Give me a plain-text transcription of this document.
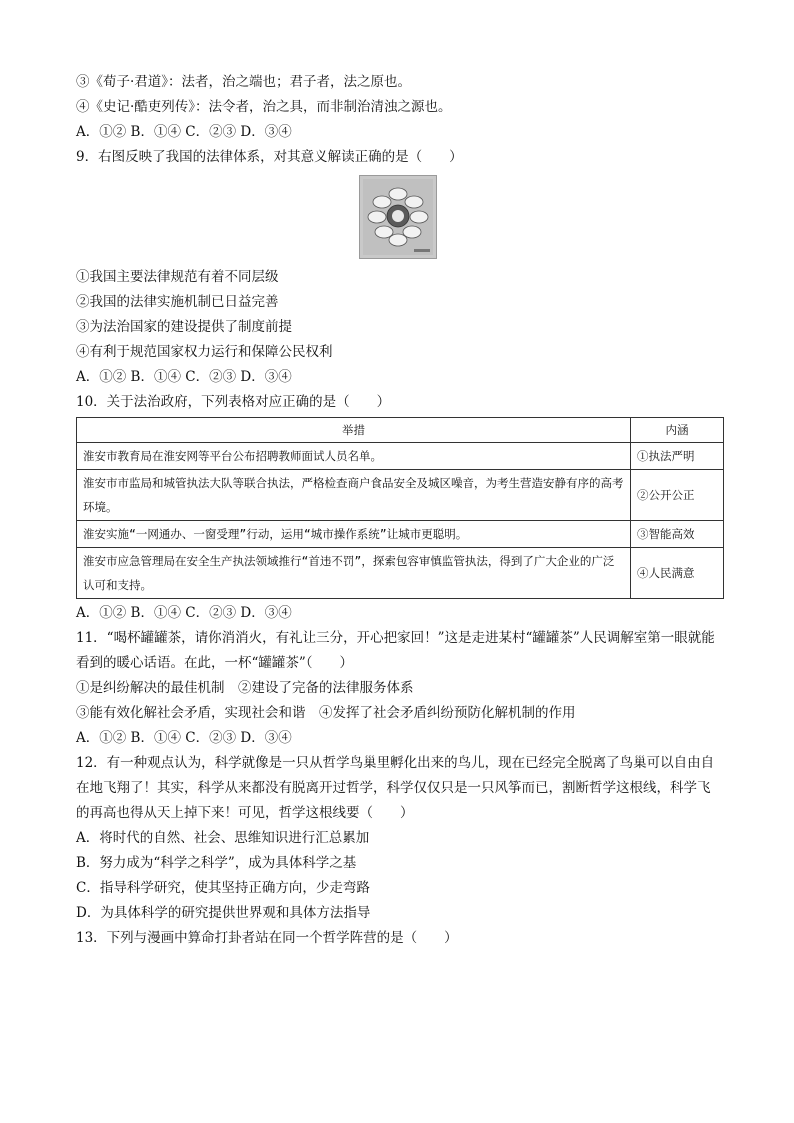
③《荀子·君道》：法者，治之端也；君子者，法之原也。
④《史记·酷吏列传》：法令者，治之具，而非制治清浊之源也。
A．①② B．①④ C．②③ D．③④
9．右图反映了我国的法律体系，对其意义解读正确的是（　　）
①我国主要法律规范有着不同层级
②我国的法律实施机制已日益完善
③为法治国家的建设提供了制度前提
④有利于规范国家权力运行和保障公民权利
A．①② B．①④ C．②③ D．③④
10．关于法治政府，下列表格对应正确的是（　　）
举措	内涵
淮安市教育局在淮安网等平台公布招聘教师面试人员名单。	①执法严明
淮安市市监局和城管执法大队等联合执法，严格检查商户食品安全及城区噪音，为考生营造安静有序的高考环境。	②公开公正
淮安实施“一网通办、一窗受理”行动，运用“城市操作系统”让城市更聪明。	③智能高效
淮安市应急管理局在安全生产执法领域推行“首违不罚”，探索包容审慎监管执法，得到了广大企业的广泛认可和支持。	④人民满意
A．①② B．①④ C．②③ D．③④
11．“喝杯罐罐茶，请你消消火，有礼让三分，开心把家回！”这是走进某村“罐罐茶”人民调解室第一眼就能看到的暖心话语。在此，一杯“罐罐茶”（　　）
①是纠纷解决的最佳机制　②建设了完备的法律服务体系
③能有效化解社会矛盾，实现社会和谐　④发挥了社会矛盾纠纷预防化解机制的作用
A．①② B．①④ C．②③ D．③④
12．有一种观点认为，科学就像是一只从哲学鸟巢里孵化出来的鸟儿，现在已经完全脱离了鸟巢可以自由自在地飞翔了！其实，科学从来都没有脱离开过哲学，科学仅仅只是一只风筝而已，割断哲学这根线，科学飞的再高也得从天上掉下来！可见，哲学这根线要（　　）
A．将时代的自然、社会、思维知识进行汇总累加
B．努力成为“科学之科学”，成为具体科学之基
C．指导科学研究，使其坚持正确方向，少走弯路
D．为具体科学的研究提供世界观和具体方法指导
13．下列与漫画中算命打卦者站在同一个哲学阵营的是（　　）
